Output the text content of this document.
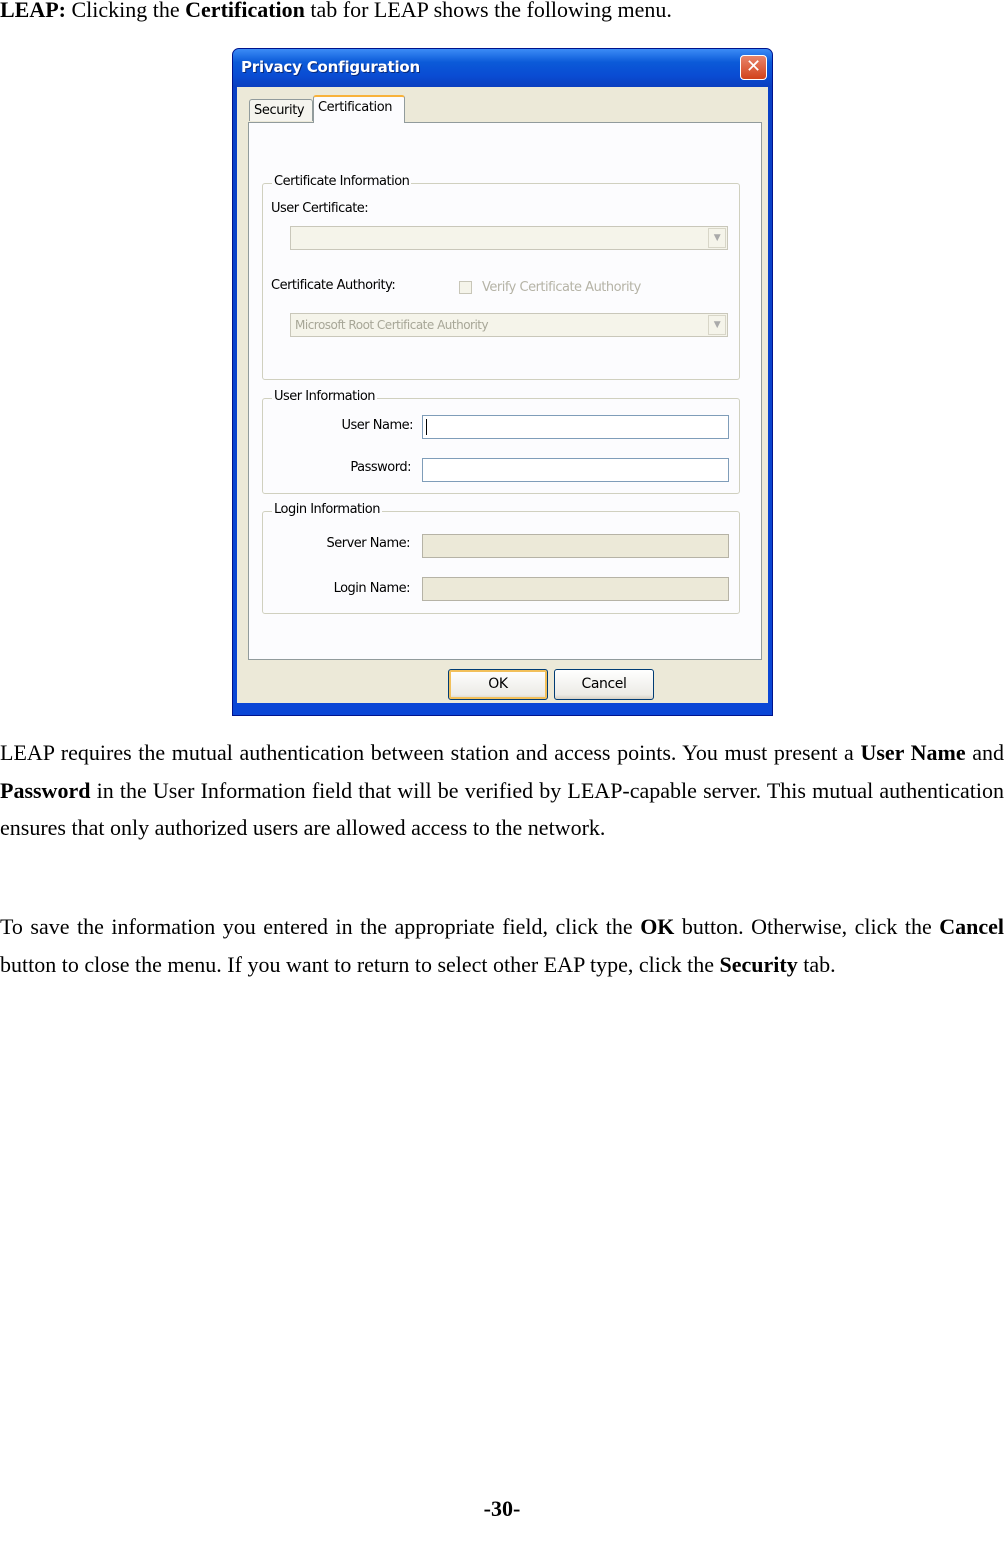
LEAP: Clicking the Certification tab for LEAP shows the following menu.

Privacy Configuration	✕
Security	Certification
Certificate Information
User Certificate:
▼
Certificate Authority:	Verify Certificate Authority
Microsoft Root Certificate Authority	▼
User Information
User Name:
Password:
Login Information
Server Name:
Login Name:
OK	Cancel

LEAP requires the mutual authentication between station and access points. You must present a User Name and Password in the User Information field that will be verified by LEAP-capable server. This mutual authentication ensures that only authorized users are allowed access to the network.

To save the information you entered in the appropriate field, click the OK button. Otherwise, click the Cancel button to close the menu. If you want to return to select other EAP type, click the Security tab.

-30-
